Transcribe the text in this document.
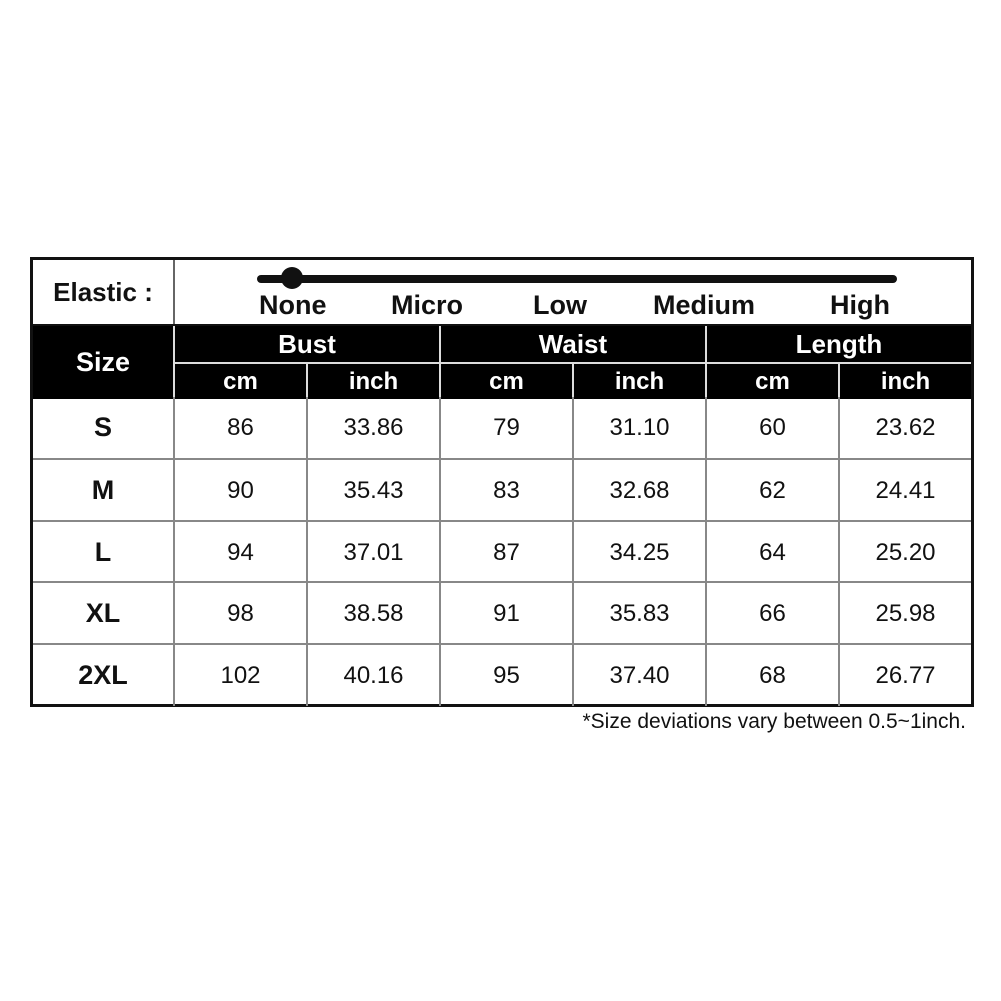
Elastic :	None Micro	Low Medium	High
Size
Bust	Waist	Length
cm	inch	cm	inch	cm	inch
S	86	33.86	79	31.10	60	23.62
M	90	35.43	83	32.68	62	24.41
L	94	37.01	87	34.25	64	25.20
XL	98	38.58	91	35.83	66	25.98
2XL	102	40.16	95	37.40	68	26.77
*Size deviations vary between 0.5~1inch.
